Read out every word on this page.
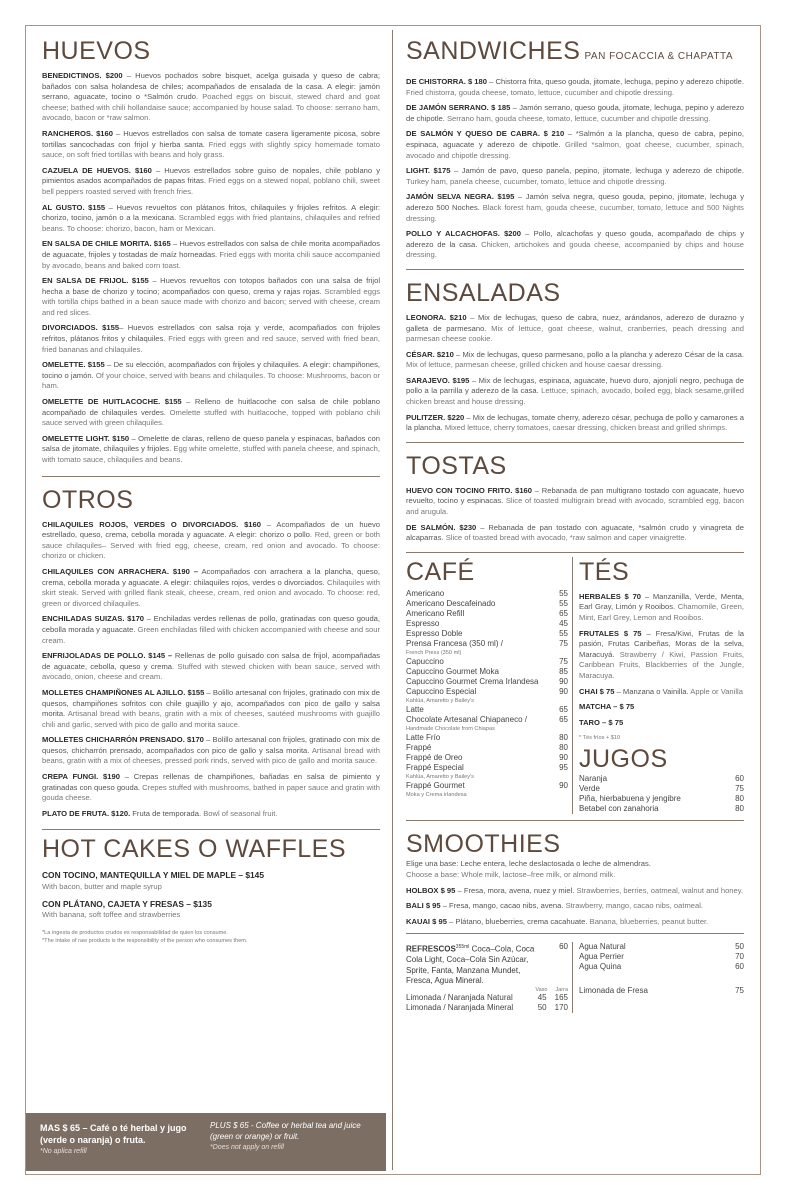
HUEVOS
BENEDICTINOS. $200 – Huevos pochados sobre bisquet, acelga guisada y queso de cabra; bañados con salsa holandesa de chiles; acompañados de ensalada de la casa. A elegir: jamón serrano, aguacate, tocino o *Salmón crudo. Poached eggs on biscuit, stewed chard and goat cheese; bathed with chili hollandaise sauce; accompanied by house salad. To choose: serrano ham, avocado, bacon or *raw salmon.
RANCHEROS. $160 – Huevos estrellados con salsa de tomate casera ligeramente picosa, sobre tortillas sancochadas con frijol y hierba santa. Fried eggs with slightly spicy homemade tomato sauce, on soft fried tortillas with beans and holy grass.
CAZUELA DE HUEVOS. $160 – Huevos estrellados sobre guiso de nopales, chile poblano y pimientos asados acompañados de papas fritas. Fried eggs on a stewed nopal, poblano chili, sweet bell peppers roasted served with french fries.
AL GUSTO. $155 – Huevos revueltos con plátanos fritos, chilaquiles y frijoles refritos. A elegir: chorizo, tocino, jamón o a la mexicana. Scrambled eggs with fried plantains, chilaquiles and refried beans. To choose: chorizo, bacon, ham or Mexican.
EN SALSA DE CHILE MORITA. $165 – Huevos estrellados con salsa de chile morita acompañados de aguacate, frijoles y tostadas de maíz horneadas. Fried eggs with morita chili sauce accompanied by avocado, beans and baked corn toast.
EN SALSA DE FRIJOL. $155 – Huevos revueltos con totopos bañados con una salsa de frijol hecha a base de chorizo y tocino; acompañados con queso, crema y rajas rojas. Scrambled eggs with tortilla chips bathed in a bean sauce made with chorizo and bacon; served with cheese, cream and red slices.
DIVORCIADOS. $155– Huevos estrellados con salsa roja y verde, acompañados con frijoles refritos, plátanos fritos y chilaquiles. Fried eggs with green and red sauce, served with fried bean, fried bananas and chilaquiles.
OMELETTE. $155 – De su elección, acompañados con frijoles y chilaquiles. A elegir: champiñones, tocino o jamón. Of your choice, served with beans and chilaquiles. To choose: Mushrooms, bacon or ham.
OMELETTE DE HUITLACOCHE. $155 – Relleno de huitlacoche con salsa de chile poblano acompañado de chilaquiles verdes. Omelette stuffed with huitlacoche, topped with poblano chili sauce served with green chilaquiles.
OMELETTE LIGHT. $150 – Omelette de claras, relleno de queso panela y espinacas, bañados con salsa de jitomate, chilaquiles y frijoles. Egg white omelette, stuffed with panela cheese, and spinach, with tomato sauce, chilaquiles and beans.
OTROS
CHILAQUILES ROJOS, VERDES O DIVORCIADOS. $160 – Acompañados de un huevo estrellado, queso, crema, cebolla morada y aguacate. A elegir: chorizo o pollo. Red, green or both sauce chilaquiles– Served with fried egg, cheese, cream, red onion and avocado. To choose: chorizo or chicken.
CHILAQUILES CON ARRACHERA. $190 – Acompañados con arrachera a la plancha, queso, crema, cebolla morada y aguacate. A elegir: chilaquiles rojos, verdes o divorciados. Chilaquiles with skirt steak. Served with grilled flank steak, cheese, cream, red onion and avocado. To choose: red, green or divorced chilaquiles.
ENCHILADAS SUIZAS. $170 – Enchiladas verdes rellenas de pollo, gratinadas con queso gouda, cebolla morada y aguacate. Green enchiladas filled with chicken accompanied with cheese and sour cream.
ENFRIJOLADAS DE POLLO. $145 – Rellenas de pollo guisado con salsa de frijol, acompañadas de aguacate, cebolla, queso y crema. Stuffed with stewed chicken with bean sauce, served with avocado, onion, cheese and cream.
MOLLETES CHAMPIÑONES AL AJILLO. $155 – Bolillo artesanal con frijoles, gratinado con mix de quesos, champiñones sofritos con chile guajillo y ajo, acompañados con pico de gallo y salsa morita. Artisanal bread with beans, gratin with a mix of cheeses, sautéed mushrooms with guajillo chili and garlic, served with pico de gallo and morita sauce.
MOLLETES CHICHARRÓN PRENSADO. $170 – Bolillo artesanal con frijoles, gratinado con mix de quesos, chicharrón prensado, acompañados con pico de gallo y salsa morita. Artisanal bread with beans, gratin with a mix of cheeses, pressed pork rinds, served with pico de gallo and morita sauce.
CREPA FUNGI. $190 – Crepas rellenas de champiñones, bañadas en salsa de pimiento y gratinadas con queso gouda. Crepes stuffed with mushrooms, bathed in paper sauce and gratin with gouda cheese.
PLATO DE FRUTA. $120. Fruta de temporada. Bowl of seasonal fruit.
HOT CAKES O WAFFLES
CON TOCINO, MANTEQUILLA Y MIEL DE MAPLE – $145
With bacon, butter and maple syrup
CON PLÁTANO, CAJETA Y FRESAS – $135
With banana, soft toffee and strawberries
*La ingesta de productos crudos es responsabilidad de quien los consume.
*The intake of raw products is the responsibility of the person who consumes them.
MAS $ 65 – Café o té herbal y jugo (verde o naranja) o fruta.
*No aplica refill
PLUS $ 65 - Coffee or herbal tea and juice (green or orange) or fruit.
*Does not apply on refill
SANDWICHES PAN FOCACCIA & CHAPATTA
DE CHISTORRA. $ 180 – Chistorra frita, queso gouda, jitomate, lechuga, pepino y aderezo chipotle. Fried chistorra, gouda cheese, tomato, lettuce, cucumber and chipotle dressing.
DE JAMÓN SERRANO. $ 185 – Jamón serrano, queso gouda, jitomate, lechuga, pepino y aderezo de chipotle. Serrano ham, gouda cheese, tomato, lettuce, cucumber and chipotle dressing.
DE SALMÓN Y QUESO DE CABRA. $ 210 – *Salmón a la plancha, queso de cabra, pepino, espinaca, aguacate y aderezo de chipotle. Grilled *salmon, goat cheese, cucumber, spinach, avocado and chipotle dressing.
LIGHT. $175 – Jamón de pavo, queso panela, pepino, jitomate, lechuga y aderezo de chipotle. Turkey ham, panela cheese, cucumber, tomato, lettuce and chipotle dressing.
JAMÓN SELVA NEGRA. $195 – Jamón selva negra, queso gouda, pepino, jitomate, lechuga y aderezo 500 Noches. Black forest ham, gouda cheese, cucumber, tomato, lettuce and 500 Nights dressing.
POLLO Y ALCACHOFAS. $200 – Pollo, alcachofas y queso gouda, acompañado de chips y aderezo de la casa. Chicken, artichokes and gouda cheese, accompanied by chips and house dressing.
ENSALADAS
LEONORA. $210 – Mix de lechugas, queso de cabra, nuez, arándanos, aderezo de durazno y galleta de parmesano. Mix of lettuce, goat cheese, walnut, cranberries, peach dressing and parmesan cheese cookie.
CÉSAR. $210 – Mix de lechugas, queso parmesano, pollo a la plancha y aderezo César de la casa. Mix of lettuce, parmesan cheese, grilled chicken and house caesar dressing.
SARAJEVO. $195 – Mix de lechugas, espinaca, aguacate, huevo duro, ajonjolí negro, pechuga de pollo a la parrilla y aderezo de la casa. Lettuce, spinach, avocado, boiled egg, black sesame,grilled chicken breast and house dressing.
PULITZER. $220 – Mix de lechugas, tomate cherry, aderezo césar, pechuga de pollo y camarones a la plancha. Mixed lettuce, cherry tomatoes, caesar dressing, chicken breast and grilled shrimps.
TOSTAS
HUEVO CON TOCINO FRITO. $160 – Rebanada de pan multigrano tostado con aguacate, huevo revuelto, tocino y espinacas. Slice of toasted multigrain bread with avocado, scrambled egg, bacon and arugula.
DE SALMÓN. $230 – Rebanada de pan tostado con aguacate, *salmón crudo y vinagreta de alcaparras. Slice of toasted bread with avocado, *raw salmon and caper vinaigrette.
CAFÉ
Americano	55
Americano Descafeinado	55
Americano Refill	65
Espresso	45
Espresso Doble	55
Prensa Francesa (350 ml) /	75
French Press (350 ml)
Capuccino	75
Capuccino Gourmet Moka	85
Capuccino Gourmet Crema Irlandesa	90
Capuccino Especial	90
Kahlúa, Amaretto y Bailey's
Latte	65
Chocolate Artesanal Chiapaneco /	65
Handmade Chocolate from Chiapas
Latte Frío	80
Frappé	80
Frappé de Oreo	90
Frappé Especial	95
Kahlúa, Amaretto y Bailey's
Frappé Gourmet	90
Moka y Crema irlandesa
TÉS
HERBALES $ 70 – Manzanilla, Verde, Menta, Earl Gray, Limón y Rooibos. Chamomile, Green, Mint, Earl Grey, Lemon and Rooibos.
FRUTALES $ 75 – Fresa/Kiwi, Frutas de la pasión, Frutas Caribeñas, Moras de la selva, Maracuyá. Strawberry / Kiwi, Passion Fruits, Caribbean Fruits, Blackberries of the Jungle, Maracuya.
CHAI $ 75 – Manzana o Vainilla. Apple or Vanilla
MATCHA – $ 75
TARO – $ 75
* Tés fríos + $10
JUGOS
Naranja	60
Verde	75
Piña, hierbabuena y jengibre	80
Betabel con zanahoria	80
SMOOTHIES
Elige una base: Leche entera, leche deslactosada o leche de almendras.
Choose a base: Whole milk, lactose–free milk, or almond milk.
HOLBOX $ 95 – Fresa, mora, avena, nuez y miel. Strawberries, berries, oatmeal, walnut and honey.
BALI $ 95 – Fresa, mango, cacao nibs, avena. Strawberry, mango, cacao nibs, oatmeal.
KAUAI $ 95 – Plátano, blueberries, crema cacahuate. Banana, blueberries, peanut butter.
$REFRESCOS^{355ml}$ Coca–Cola, Coca Cola Light, Coca–Cola Sin Azúcar, Sprite, Fanta, Manzana Mundet, Fresca, Agua Mineral.
60
Vaso Jarra
Limonada / Naranjada Natural	45 165
Limonada / Naranjada Mineral	50 170
Agua Natural	50
Agua Perrier	70
Agua Quina	60
Limonada de Fresa	75
